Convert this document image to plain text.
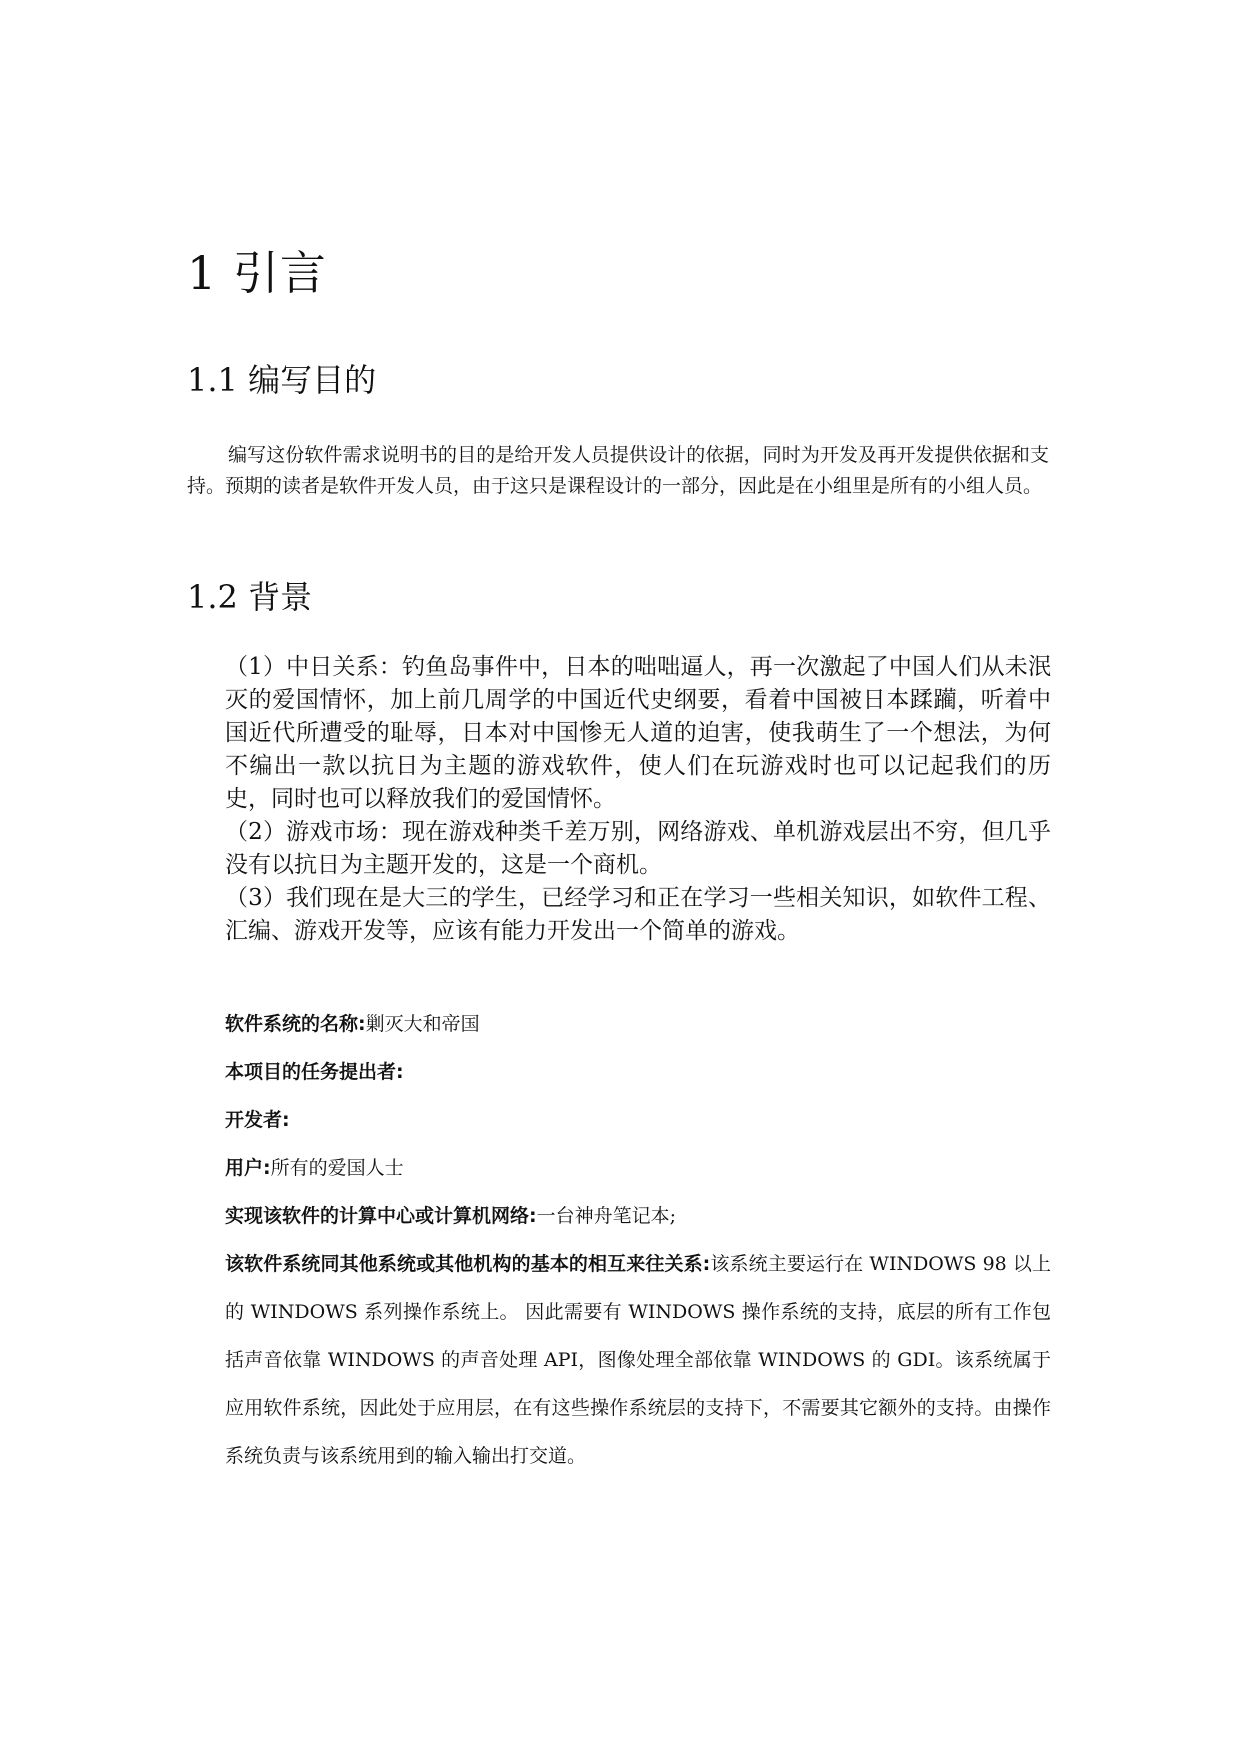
1 引言
1.1 编写目的

编写这份软件需求说明书的目的是给开发人员提供设计的依据，同时为开发及再开发提供依据和支持。预期的读者是软件开发人员，由于这只是课程设计的一部分，因此是在小组里是所有的小组人员。

1.2 背景
（1）中日关系：钓鱼岛事件中，日本的咄咄逼人，再一次激起了中国人们从未泯灭的爱国情怀，加上前几周学的中国近代史纲要，看着中国被日本蹂躏，听着中国近代所遭受的耻辱，日本对中国惨无人道的迫害，使我萌生了一个想法，为何不编出一款以抗日为主题的游戏软件，使人们在玩游戏时也可以记起我们的历史，同时也可以释放我们的爱国情怀。
（2）游戏市场：现在游戏种类千差万别，网络游戏、单机游戏层出不穷，但几乎没有以抗日为主题开发的，这是一个商机。
（3）我们现在是大三的学生，已经学习和正在学习一些相关知识，如软件工程、汇编、游戏开发等，应该有能力开发出一个简单的游戏。

软件系统的名称:剿灭大和帝国

本项目的任务提出者:

开发者:

用户:所有的爱国人士

实现该软件的计算中心或计算机网络:一台神舟笔记本;

该软件系统同其他系统或其他机构的基本的相互来往关系:该系统主要运行在 WINDOWS 98 以上的 WINDOWS 系列操作系统上。 因此需要有 WINDOWS 操作系统的支持，底层的所有工作包括声音依靠 WINDOWS 的声音处理 API，图像处理全部依靠 WINDOWS 的 GDI。该系统属于应用软件系统，因此处于应用层，在有这些操作系统层的支持下，不需要其它额外的支持。由操作系统负责与该系统用到的输入输出打交道。
